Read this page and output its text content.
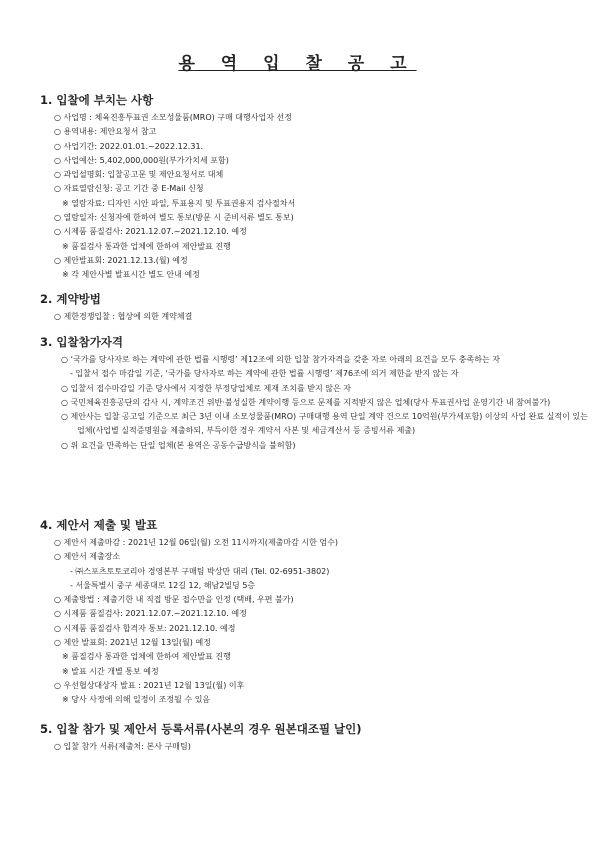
용 역 입 찰 공 고
1. 입찰에 부치는 사항
○ 사업명 : 체육진흥투표권 소모성물품(MRO) 구매 대행사업자 선정
○ 용역내용: 제안요청서 참고
○ 사업기간: 2022.01.01.~2022.12.31.
○ 사업예산: 5,402,000,000원(부가가치세 포함)
○ 과업설명회: 입찰공고문 및 제안요청서로 대체
○ 자료열람신청: 공고 기간 중 E-Mail 신청
※ 열람자료: 디자인 시안 파일, 투표용지 및 투표권용지 검사절차서
○ 열람일자: 신청자에 한하여 별도 통보(방문 시 준비서류 별도 통보)
○ 시제품 품질검사: 2021.12.07.~2021.12.10. 예정
※ 품질검사 통과한 업체에 한하여 제안발표 진행
○ 제안발표회: 2021.12.13.(월) 예정
※ 각 제안사별 발표시간 별도 안내 예정
2. 계약방법
○ 제한경쟁입찰 : 협상에 의한 계약체결
3. 입찰참가자격
○ ‘국가를 당사자로 하는 계약에 관한 법률 시행령’ 제12조에 의한 입찰 참가자격을 갖춘 자로 아래의 요건을 모두 충족하는 자
- 입찰서 접수 마감일 기준, ‘국가를 당사자로 하는 계약에 관한 법률 시행령’ 제76조에 의거 제한을 받지 않는 자
○ 입찰서 접수마감일 기준 당사에서 지정한 부정당업체로 제재 조치를 받지 않은 자
○ 국민체육진흥공단의 감사 시, 계약조건 위반·불성실한 계약이행 등으로 문제를 지적받지 않은 업체(당사 투표권사업 운영기간 내 참여불가)
○ 제안사는 입찰 공고일 기준으로 최근 3년 이내 소모성물품(MRO) 구매대행 용역 단일 계약 건으로 10억원(부가세포함) 이상의 사업 완료 실적이 있는 업체(사업별 실적증명원을 제출하되, 부득이한 경우 계약서 사본 및 세금계산서 등 증빙서류 제출)
○ 위 요건을 만족하는 단일 업체(본 용역은 공동수급방식을 불허함)
4. 제안서 제출 및 발표
○ 제안서 제출마감 : 2021년 12월 06일(월) 오전 11시까지(제출마감 시한 엄수)
○ 제안서 제출장소
- ㈜스포츠토토코리아 경영본부 구매팀 박상만 대리 (Tel. 02-6951-3802)
- 서울특별시 중구 세종대로 12길 12, 해남2빌딩 5층
○ 제출방법 : 제출기한 내 직접 방문 접수만을 인정 (택배, 우편 불가)
○ 시제품 품질검사: 2021.12.07.~2021.12.10. 예정
○ 시제품 품질검사 합격자 통보: 2021.12.10. 예정
○ 제안 발표회: 2021년 12월 13일(월) 예정
※ 품질검사 통과한 업체에 한하여 제안발표 진행
※ 발표 시간 개별 통보 예정
○ 우선협상대상자 발표 : 2021년 12월 13일(월) 이후
※ 당사 사정에 의해 일정이 조정될 수 있음
5. 입찰 참가 및 제안서 등록서류(사본의 경우 원본대조필 날인)
○ 입찰 참가 서류(제출처: 본사 구매팀)
